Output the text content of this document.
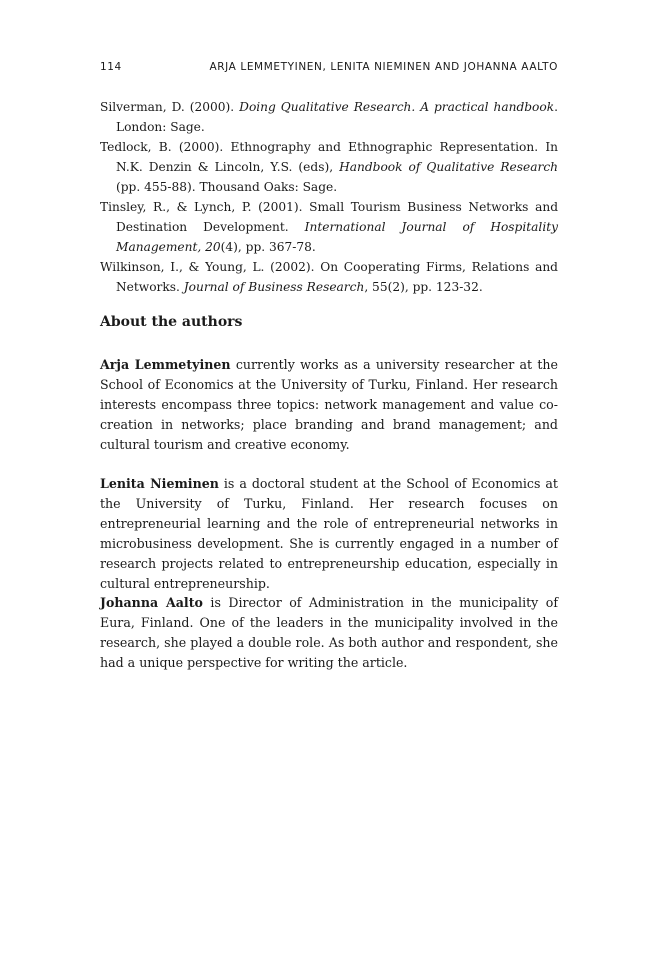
114	ARJA LEMMETYINEN, LENITA NIEMINEN AND JOHANNA AALTO

Silverman, D. (2000). Doing Qualitative Research. A practical handbook. London: Sage.

Tedlock, B. (2000). Ethnography and Ethnographic Representation. In N.K. Denzin & Lincoln, Y.S. (eds), Handbook of Qualitative Research (pp. 455-88). Thousand Oaks: Sage.

Tinsley, R., & Lynch, P. (2001). Small Tourism Business Networks and Destination Development. International Journal of Hospitality Management, 20(4), pp. 367-78.

Wilkinson, I., & Young, L. (2002). On Cooperating Firms, Relations and Networks. Journal of Business Research, 55(2), pp. 123-32.

About the authors

Arja Lemmetyinen currently works as a university researcher at the School of Economics at the University of Turku, Finland. Her research interests encompass three topics: network management and value co-creation in networks; place branding and brand management; and cultural tourism and creative economy.

Lenita Nieminen is a doctoral student at the School of Economics at the University of Turku, Finland. Her research focuses on entrepreneurial learning and the role of entrepreneurial networks in microbusiness development. She is currently engaged in a number of research projects related to entrepreneurship education, especially in cultural entrepreneurship.

Johanna Aalto is Director of Administration in the municipality of Eura, Finland. One of the leaders in the municipality involved in the research, she played a double role. As both author and respondent, she had a unique perspective for writing the article.
